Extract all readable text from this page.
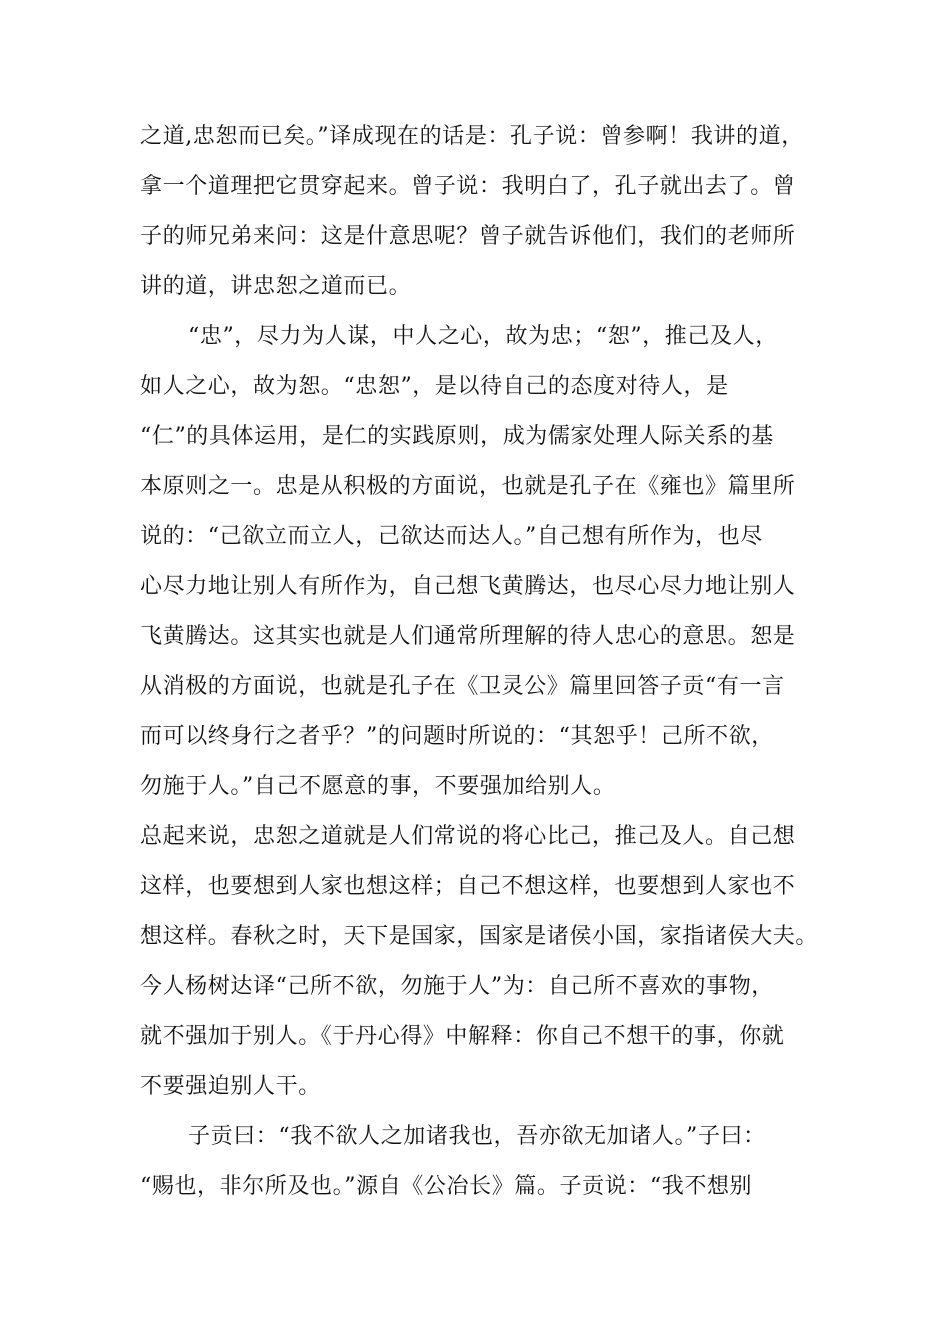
之道,忠恕而已矣。”译成现在的话是：孔子说：曾参啊！我讲的道，
拿一个道理把它贯穿起来。曾子说：我明白了，孔子就出去了。曾
子的师兄弟来问：这是什意思呢？曾子就告诉他们，我们的老师所
讲的道，讲忠恕之道而已。
“忠”，尽力为人谋，中人之心，故为忠；“恕”，推己及人，
如人之心，故为恕。“忠恕”，是以待自己的态度对待人，是
“仁”的具体运用，是仁的实践原则，成为儒家处理人际关系的基
本原则之一。忠是从积极的方面说，也就是孔子在《雍也》篇里所
说的：“己欲立而立人，己欲达而达人。”自己想有所作为，也尽
心尽力地让别人有所作为，自己想飞黄腾达，也尽心尽力地让别人
飞黄腾达。这其实也就是人们通常所理解的待人忠心的意思。恕是
从消极的方面说，也就是孔子在《卫灵公》篇里回答子贡“有一言
而可以终身行之者乎？”的问题时所说的：“其恕乎！己所不欲，
勿施于人。”自己不愿意的事，不要强加给别人。
总起来说，忠恕之道就是人们常说的将心比己，推己及人。自己想
这样，也要想到人家也想这样；自己不想这样，也要想到人家也不
想这样。春秋之时，天下是国家，国家是诸侯小国，家指诸侯大夫。
今人杨树达译“己所不欲，勿施于人”为：自己所不喜欢的事物，
就不强加于别人。《于丹心得》中解释：你自己不想干的事，你就
不要强迫别人干。
子贡曰：“我不欲人之加诸我也，吾亦欲无加诸人。”子曰：
“赐也，非尔所及也。”源自《公冶长》篇。子贡说：“我不想别
